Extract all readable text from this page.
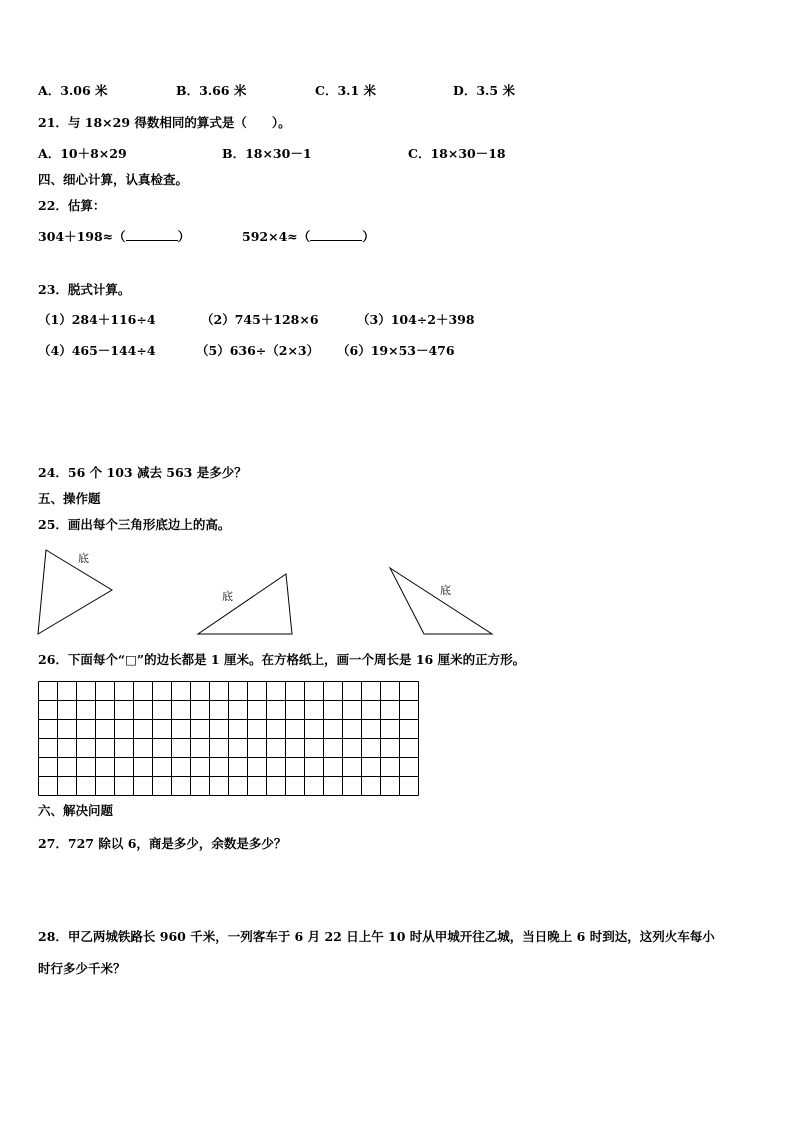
A．3.06 米	B．3.66 米	C．3.1 米	D．3.5 米
21．与 18×29 得数相同的算式是（　　）。
A．10＋8×29	B．18×30－1	C．18×30－18
四、细心计算，认真检查。
22．估算：
304＋198≈（	）	592×4≈（	）
23．脱式计算。
（1）284＋116÷4	（2）745＋128×6	（3）104÷2＋398
（4）465－144÷4	（5）636÷（2×3） （6）19×53－476
24．56 个 103 减去 563 是多少？
五、操作题
25．画出每个三角形底边上的高。
底
底	底
26．下面每个“□”的边长都是 1 厘米。在方格纸上，画一个周长是 16 厘米的正方形。
六、解决问题
27．727 除以 6，商是多少，余数是多少？
28．甲乙两城铁路长 960 千米，一列客车于 6 月 22 日上午 10 时从甲城开往乙城，当日晚上 6 时到达，这列火车每小
时行多少千米？
